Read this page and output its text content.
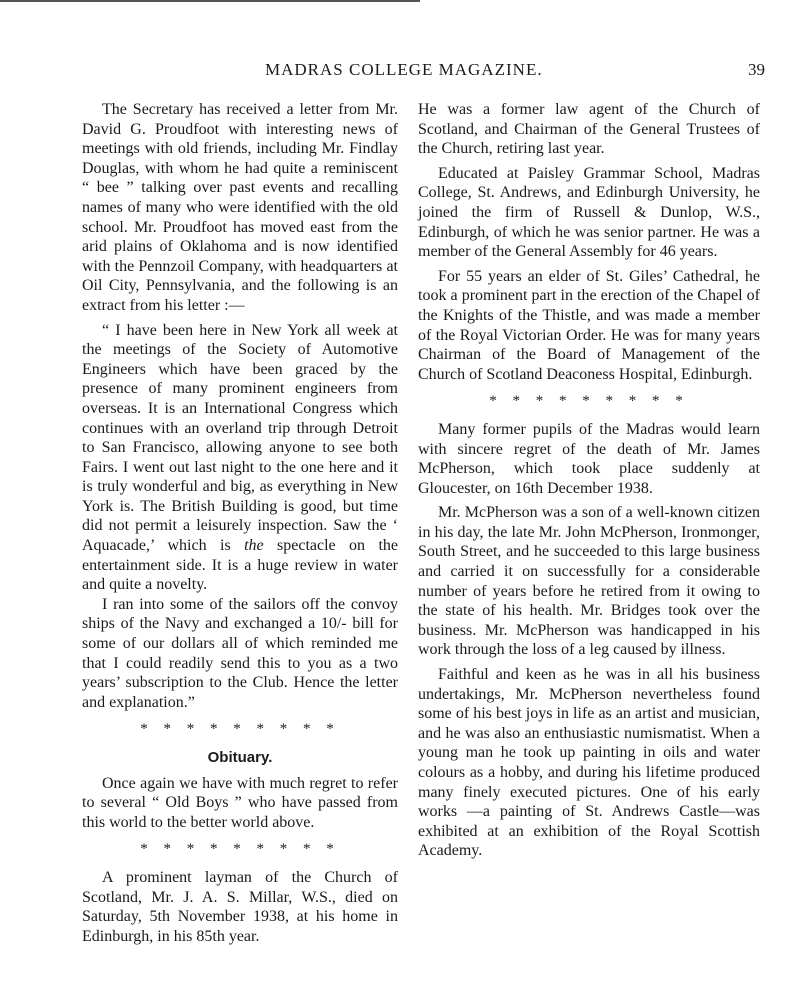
MADRAS COLLEGE MAGAZINE.	39

The Secretary has received a letter from Mr. David G. Proudfoot with interesting news of meetings with old friends, including Mr. Findlay Douglas, with whom he had quite a reminiscent “ bee ” talking over past events and recalling names of many who were identified with the old school. Mr. Proudfoot has moved east from the arid plains of Oklahoma and is now identified with the Pennzoil Company, with headquarters at Oil City, Pennsylvania, and the following is an extract from his letter :—

“ I have been here in New York all week at the meetings of the Society of Automotive Engineers which have been graced by the presence of many prominent engineers from overseas. It is an International Congress which continues with an overland trip through Detroit to San Francisco, allowing anyone to see both Fairs. I went out last night to the one here and it is truly wonderful and big, as everything in New York is. The British Building is good, but time did not permit a leisurely inspection. Saw the ‘ Aquacade,’ which is the spectacle on the entertainment side. It is a huge review in water and quite a novelty.

I ran into some of the sailors off the convoy ships of the Navy and exchanged a 10/- bill for some of our dollars all of which reminded me that I could readily send this to you as a two years’ subscription to the Club. Hence the letter and explanation.”

* * * * * * * * *
Obituary.

Once again we have with much regret to refer to several “ Old Boys ” who have passed from this world to the better world above.

* * * * * * * * *

A prominent layman of the Church of Scotland, Mr. J. A. S. Millar, W.S., died on Saturday, 5th November 1938, at his home in Edinburgh, in his 85th year.

He was a former law agent of the Church of Scotland, and Chairman of the General Trustees of the Church, retiring last year.

Educated at Paisley Grammar School, Madras College, St. Andrews, and Edinburgh University, he joined the firm of Russell & Dunlop, W.S., Edinburgh, of which he was senior partner. He was a member of the General Assembly for 46 years.

For 55 years an elder of St. Giles’ Cathedral, he took a prominent part in the erection of the Chapel of the Knights of the Thistle, and was made a member of the Royal Victorian Order. He was for many years Chairman of the Board of Management of the Church of Scotland Deaconess Hospital, Edinburgh.

* * * * * * * * *

Many former pupils of the Madras would learn with sincere regret of the death of Mr. James McPherson, which took place suddenly at Gloucester, on 16th December 1938.

Mr. McPherson was a son of a well-known citizen in his day, the late Mr. John McPherson, Ironmonger, South Street, and he succeeded to this large business and carried it on successfully for a considerable number of years before he retired from it owing to the state of his health. Mr. Bridges took over the business. Mr. McPherson was handicapped in his work through the loss of a leg caused by illness.

Faithful and keen as he was in all his business undertakings, Mr. McPherson nevertheless found some of his best joys in life as an artist and musician, and he was also an enthusiastic numismatist. When a young man he took up painting in oils and water colours as a hobby, and during his lifetime produced many finely executed pictures. One of his early works —a painting of St. Andrews Castle—was exhibited at an exhibition of the Royal Scottish Academy.
